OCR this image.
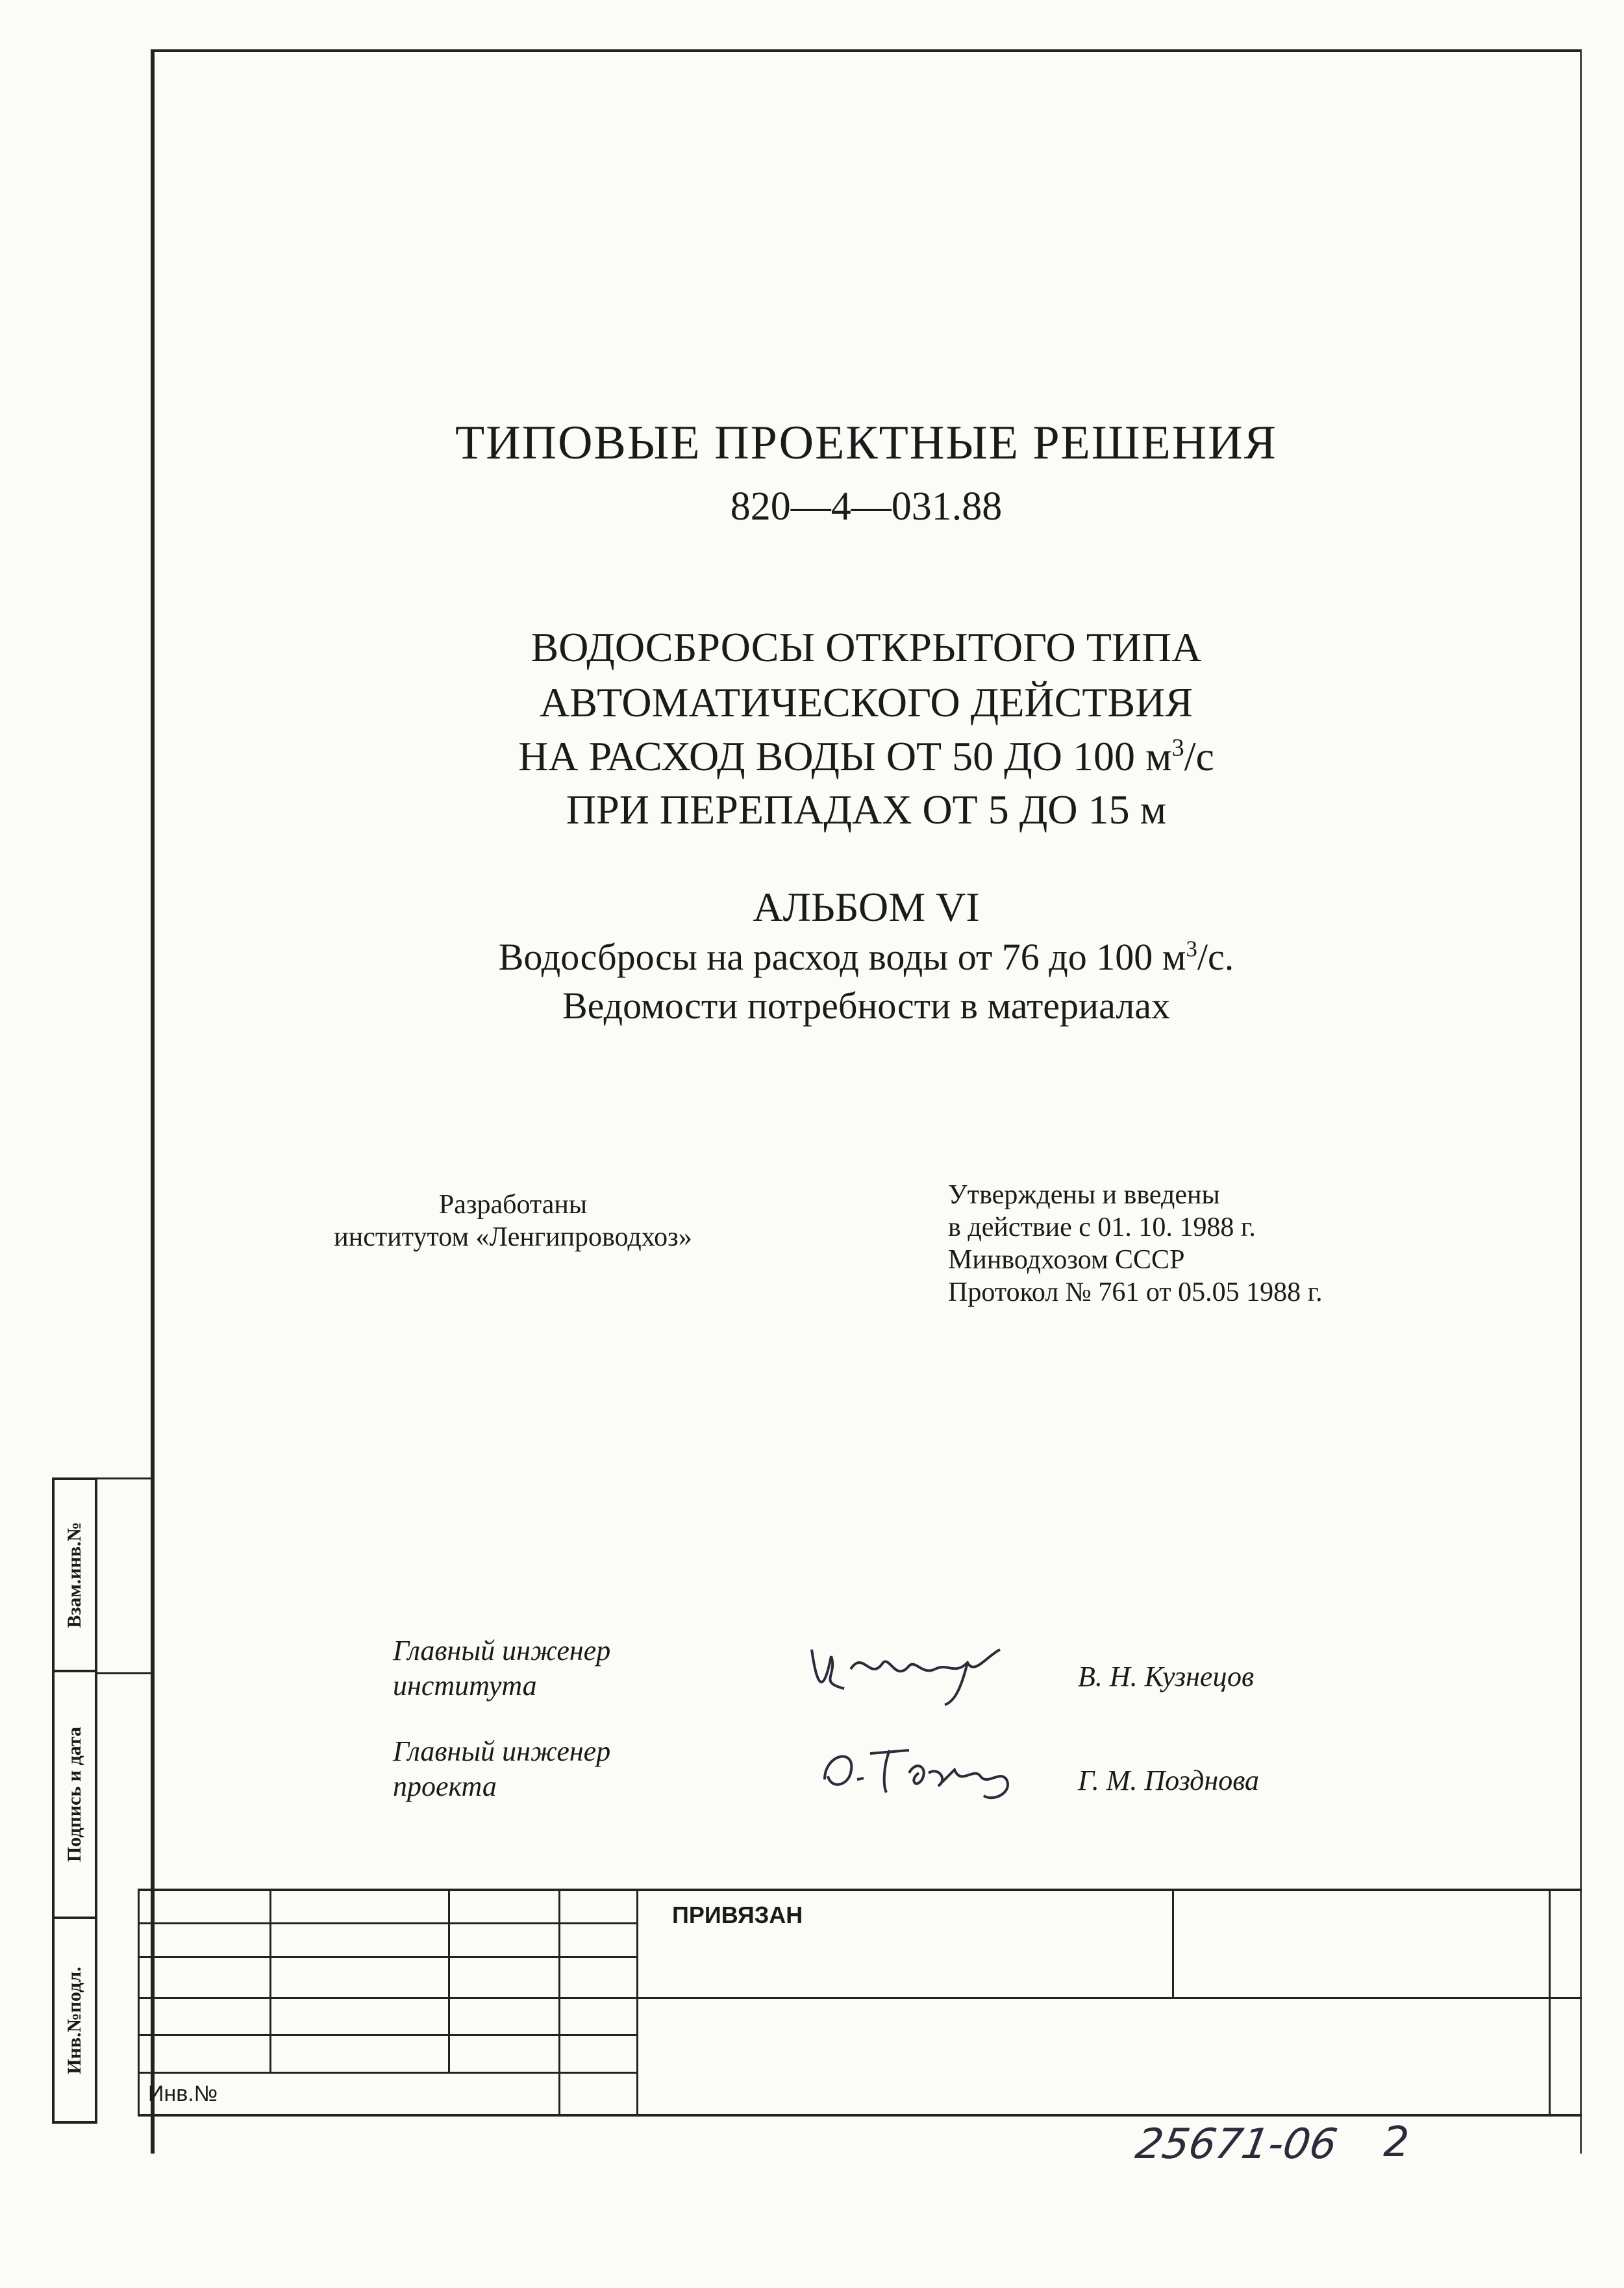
ТИПОВЫЕ ПРОЕКТНЫЕ РЕШЕНИЯ
820—4—031.88
ВОДОСБРОСЫ ОТКРЫТОГО ТИПА
АВТОМАТИЧЕСКОГО ДЕЙСТВИЯ
НА РАСХОД ВОДЫ ОТ 50 ДО 100 $м^3/с$
ПРИ ПЕРЕПАДАХ ОТ 5 ДО 15 м
АЛЬБОМ VI
Водосбросы на расход воды от 76 до 100 $м^3/с$.
Ведомости потребности в материалах
Разработаны
институтом «Ленгипроводхоз»
Утверждены и введены
в действие с 01. 10. 1988 г.
Минводхозом СССР
Протокол № 761 от 05.05 1988 г.
Главный инженер
института	В. Н. Кузнецов
Главный инженер
проекта	Г. М. Позднова
Взам.инв.№
Подпись и дата
Инв.№подл.
ПРИВЯЗАН
Инв.№
25671-06 2
